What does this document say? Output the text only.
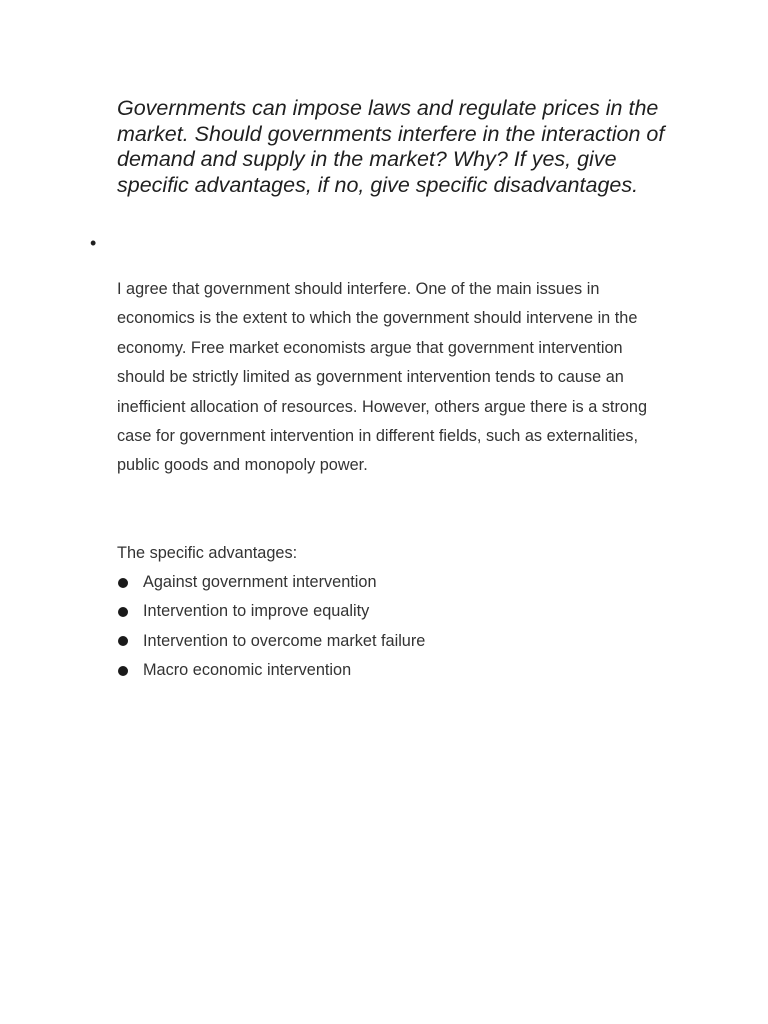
Governments can impose laws and regulate prices in the market. Should governments interfere in the interaction of demand and supply in the market? Why? If yes, give specific advantages, if no, give specific disadvantages.

•

I agree that government should interfere. One of the main issues in economics is the extent to which the government should intervene in the economy. Free market economists argue that government intervention should be strictly limited as government intervention tends to cause an inefficient allocation of resources. However, others argue there is a strong case for government intervention in different fields, such as externalities, public goods and monopoly power.

The specific advantages:

Against government intervention
Intervention to improve equality
Intervention to overcome market failure
Macro economic intervention
